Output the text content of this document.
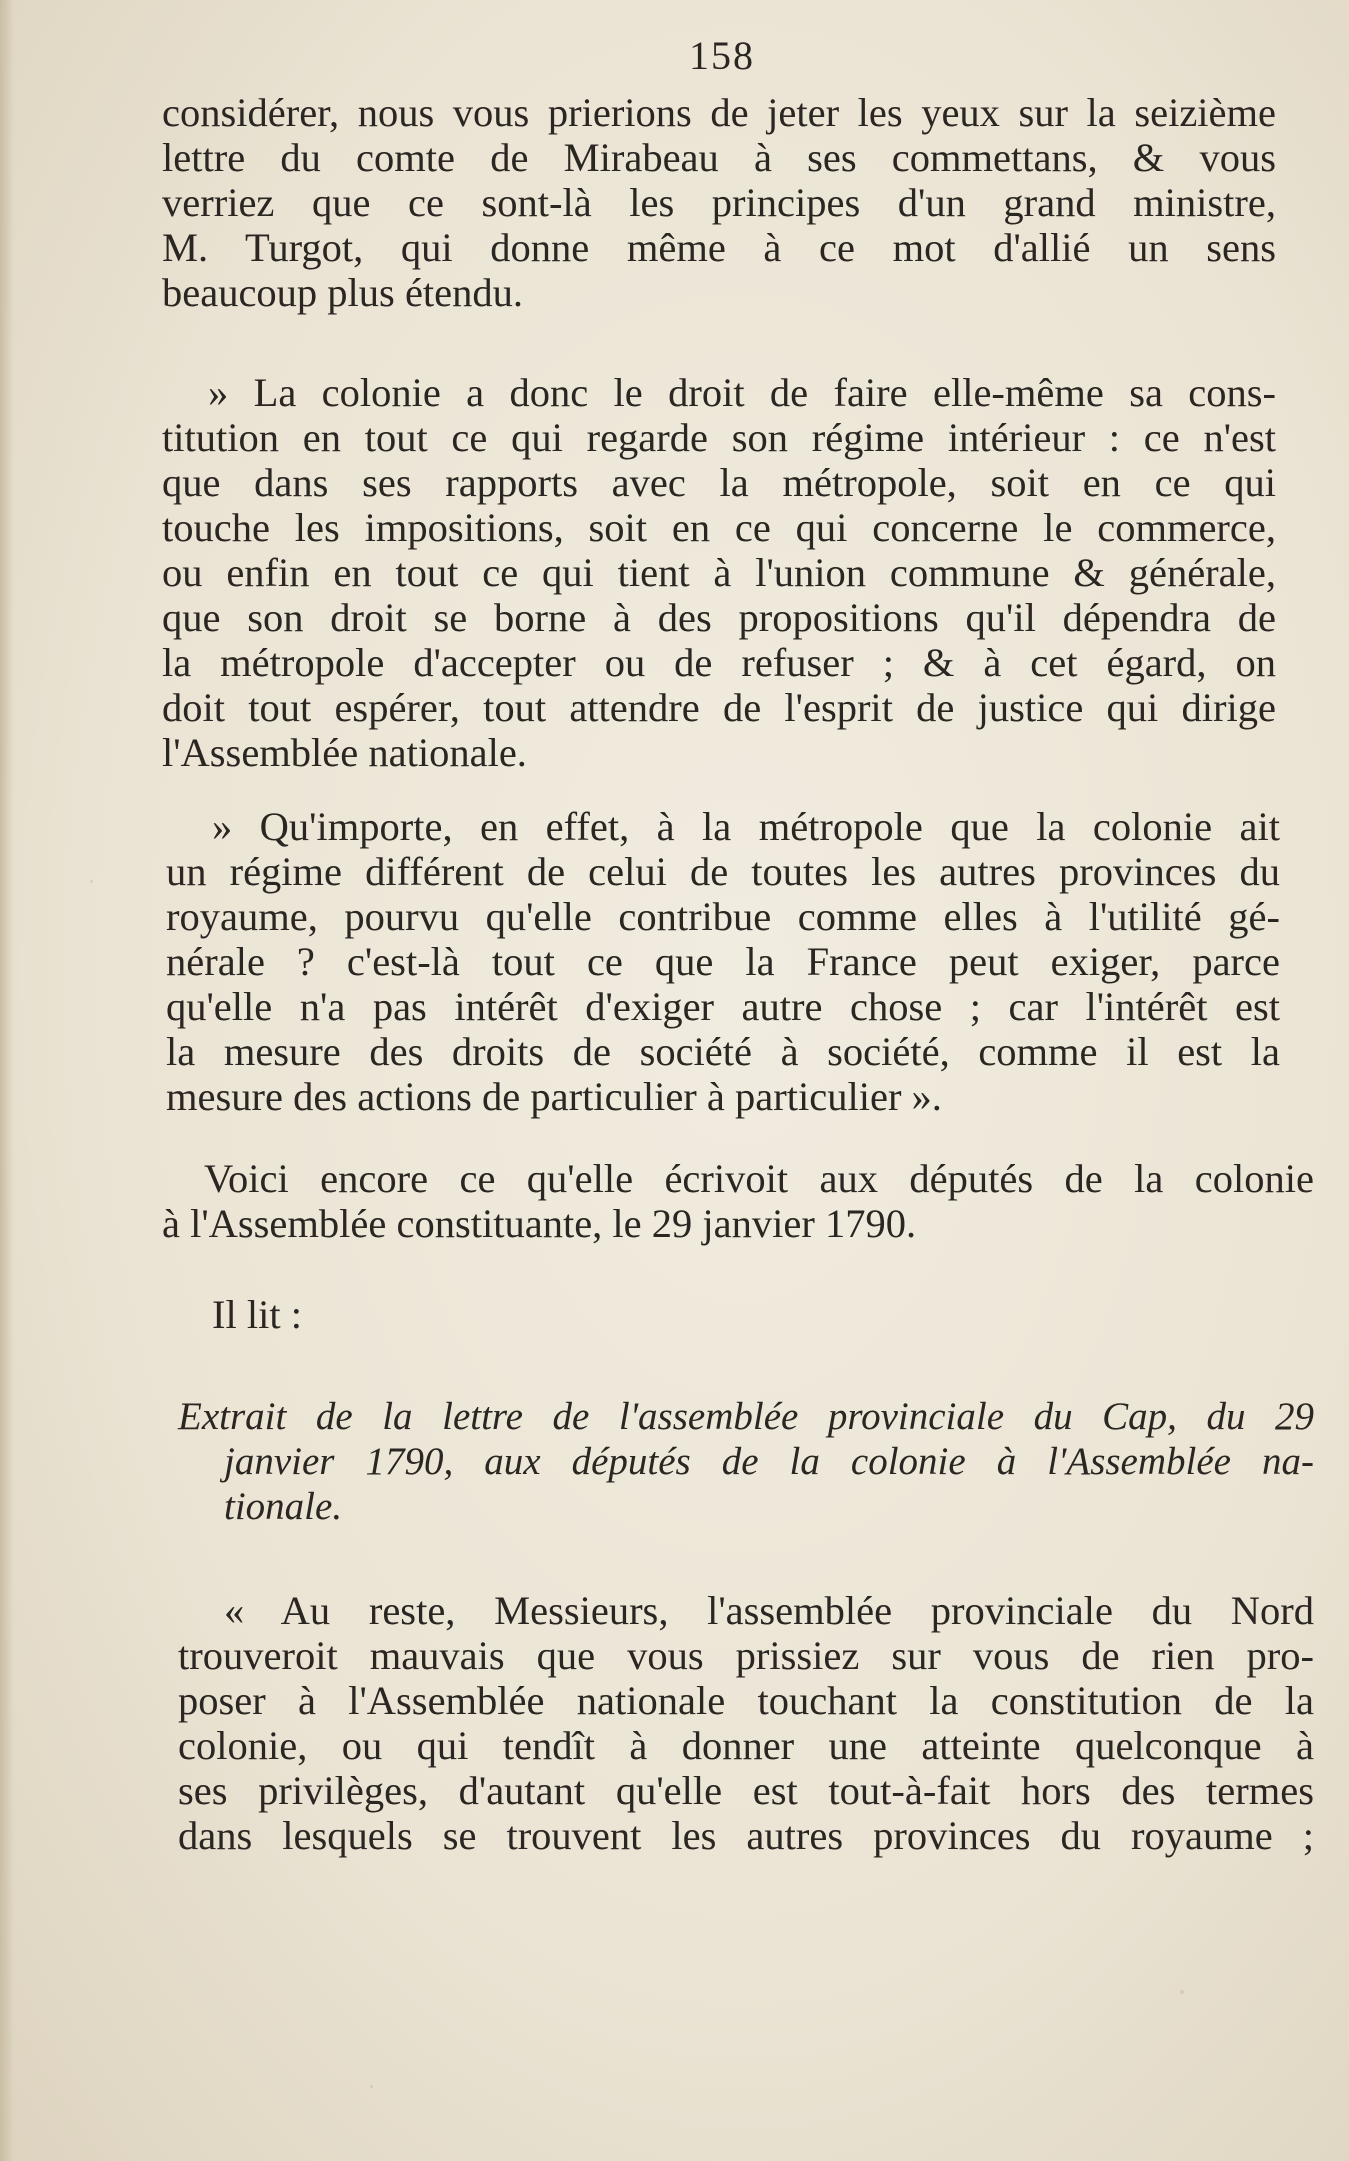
158
considérer, nous vous prierions de jeter les yeux sur la seizième
lettre du comte de Mirabeau à ses commettans, & vous
verriez que ce sont-là les principes d'un grand ministre,
M. Turgot, qui donne même à ce mot d'allié un sens
beaucoup plus étendu.
» La colonie a donc le droit de faire elle-même sa cons-
titution en tout ce qui regarde son régime intérieur : ce n'est
que dans ses rapports avec la métropole, soit en ce qui
touche les impositions, soit en ce qui concerne le commerce,
ou enfin en tout ce qui tient à l'union commune & générale,
que son droit se borne à des propositions qu'il dépendra de
la métropole d'accepter ou de refuser ; & à cet égard, on
doit tout espérer, tout attendre de l'esprit de justice qui dirige
l'Assemblée nationale.
» Qu'importe, en effet, à la métropole que la colonie ait
un régime différent de celui de toutes les autres provinces du
royaume, pourvu qu'elle contribue comme elles à l'utilité gé-
nérale ? c'est-là tout ce que la France peut exiger, parce
qu'elle n'a pas intérêt d'exiger autre chose ; car l'intérêt est
la mesure des droits de société à société, comme il est la
mesure des actions de particulier à particulier ».
Voici encore ce qu'elle écrivoit aux députés de la colonie
à l'Assemblée constituante, le 29 janvier 1790.
Il lit :
Extrait de la lettre de l'assemblée provinciale du Cap, du 29
janvier 1790, aux députés de la colonie à l'Assemblée na-
tionale.
« Au reste, Messieurs, l'assemblée provinciale du Nord
trouveroit mauvais que vous prissiez sur vous de rien pro-
poser à l'Assemblée nationale touchant la constitution de la
colonie, ou qui tendît à donner une atteinte quelconque à
ses privilèges, d'autant qu'elle est tout-à-fait hors des termes
dans lesquels se trouvent les autres provinces du royaume ;
